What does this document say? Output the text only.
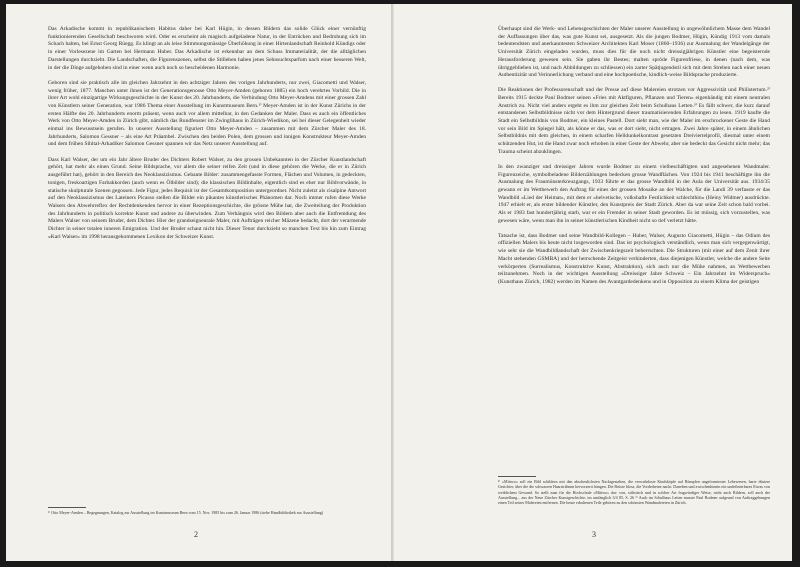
Das Arkadische kommt in republikanischem Habitus daher bei Karl Hügin, in dessen Bildern das solide Glück einer vernünftig funktionierenden Gesellschaft beschworen wird. Oder es erscheint als magisch aufgeladene Natur, in der Entrücken und Bedrohung sich im Schach halten, bei Ernst Georg Rüegg. Es klingt an als leise Stimmungsmässige Überhöhung in einer Hirtenlandschaft Reinhold Kündigs oder in einer Vorlesezene im Garten bei Hermann Huber. Das Arkadische ist erkennbar an dem Schuss Immaterialität, der die alltäglichen Darstellungen durchzieht. Die Landschaften, die Figurenszenen, selbst die Stilleben haben jenes Sehnsuchtsparfum nach einer besseren Welt, in der die Dinge aufgehoben sind in einer wenn auch noch so bescheidenen Harmonie.

Geboren sind sie praktisch alle im gleichen Jahrzehnt in den achtziger Jahren des vorigen Jahrhunderts, nur zwei, Giacometti und Walser, wenig früher, 1877. Manchen unter ihnen ist der Generationsgenosse Otto Meyer-Amden (geboren 1885) ein hoch verehrtes Vorbild. Die in ihrer Art wohl einzigartige Wirkungsgeschichte in der Kunst des 20. Jahrhunderts, die Verbindung Otto Meyer-Amdens mit einer grossen Zahl von Künstlern seiner Generation, war 1986 Thema einer Ausstellung im Kunstmuseum Bern.¹⁾ Meyer-Amden ist in der Kunst Zürichs in der ersten Hälfte des 20. Jahrhunderts enorm präsent, wenn auch vor allem mittelbar, in den Gedanken der Maler. Dass es auch ein öffentliches Werk von Otto Meyer-Amden in Zürich gibt, nämlich das Rundfenster im Zwinglihaus in Zürich-Wiedikon, sei bei dieser Gelegenheit wieder einmal ins Bewusstsein gerufen. In unserer Ausstellung figuriert Otto Meyer-Amden – zusammen mit dem Zürcher Maler des 18. Jahrhunderts, Salomon Gessner – als eine Art Präambel. Zwischen den beiden Polen, dem grossen und innigen Konstrukteur Meyer-Amden und dem frühen Sihltal-Arkadiker Salomon Gessner spannen wir das Netz unserer Ausstellung auf.

Dass Karl Walser, der um ein Jahr ältere Bruder des Dichters Robert Walser, zu den grossen Unbekannten in der Zürcher Kunstlandschaft gehört, hat mehr als einen Grund. Seine Bildsprache, vor allem die seiner reifen Zeit (und in diese gehören die Werke, die er in Zürich ausgeführt hat), gehört in den Bereich des Neoklassizismus. Gebaute Bilder: zusammengefasste Formen, Flächen und Volumen, in gedeckten, tonigen, freskoartigen Farbakkorden (auch wenn es Ölbilder sind); die klassischen Bildinhalte, eigentlich sind es eher nur Bildvorwände, in statische skulpturale Szenen gegossen. Jede Figur, jedes Requisit ist der Gesamtkomposition untergeordnet. Nicht zuletzt als cisalpine Antwort auf den Neoklassizismus des Lateiners Picasso stellen die Bilder ein pikantes künstlerisches Phänomen dar. Noch immer rufen diese Werke Walsers den Abwehrreflex der Rechtdenkenden hervor in einer Rezeptionsgeschichte, die grösste Mühe hat, die Zweiteilung der Produktion des Jahrhunderts in politisch korrekte Kunst und andere zu überwinden. Zum Verhängnis wird den Bildern aber auch die Entfremdung des Malers Walser von seinem Bruder, dem Dichter. Hier der grandseigneurale Maler, mit Aufträgen reicher Mäzene bedacht, dort der verarmende Dichter in seiner totalen inneren Emigration. Und der Bruder schaut nicht hin. Dieser Tenor durchzieht so manchen Text bis hin zum Eintrag «Karl Walser» im 1998 herausgekommenen Lexikon der Schweizer Kunst.

¹⁾ Otto Meyer-Amden – Begegnungen, Katalog zur Ausstellung im Kunstmuseum Bern vom 15. Nov. 1985 bis zum 26. Januar 1986 (siehe Handbibliothek zur Ausstellung)
2

Überhaupt sind die Werk- und Lebensgeschichten der Maler unserer Ausstellung in ungewöhnlichem Masse dem Wandel der Auffassungen über das, was gute Kunst sei, ausgesetzt. Als die jungen Bodmer, Hügin, Kündig 1913 vom damals bedeutendsten und anerkanntesten Schweizer Architekten Karl Moser (1860–1936) zur Ausmalung der Wandelgänge der Universität Zürich eingeladen wurden, muss dies für die noch nicht dreissigjährigen Künstler eine begeisternde Herausforderung gewesen sein. Sie gaben ihr Bestes; malten spröde Figurenfriese, in denen (nach dem, was übriggeblieben ist, und nach Abbildungen zu schliessen) ein zarter Spätjugendstil sich mit dem Streben nach einer neuen Authentizität und Verinnerlichung verband und eine hochpoetische, kindlich-weise Bildsprache produzierte.

Die Reaktionen der Professorenschaft und der Presse auf diese Malereien strotzen vor Aggressivität und Philistertum.²⁾ Bereits 1915 deckte Paul Bodmer seinen «Fries mit Aktfiguren, Pflanzen und Tieren» eigenhändig mit einem neutralen Anstrich zu. Nicht viel anders ergeht es ihm zur gleichen Zeit beim Schulhaus Letten.³⁾ Es fällt schwer, die kurz darauf entstandenen Selbstbildnisse nicht vor dem Hintergrund dieser traumatisierenden Erfahrungen zu lesen. 1919 kaufte die Stadt ein Selbstbildnis von Bodmer, ein kleines Pastell. Dort sieht man, wie der Maler im erschrockener Geste die Hand vor sein Bild im Spiegel hält, als könne er das, was er dort sieht, nicht ertragen. Zwei Jahre später, in einem ähnlichen Selbstbildnis mit dem gleichen, in einem scharfen Helldunkelkontrast gesetzten Dreiviertelprofil, diesmal unter einem schützenden Hut, ist die Hand zwar noch erhoben in einer Geste der Abwehr, aber sie bedeckt das Gesicht nicht mehr; das Trauma scheint abzuklingen.

In den zwanziger und dreissiger Jahren wurde Bodmer zu einem vielbeschäftigten und angesehenen Wandmaler. Figurenzeiche, symbolbeladene Bilderzählungen bedecken grosse Wandflächen. Von 1924 bis 1941 beschäftigte ihn die Ausmalung des Fraumünsterkreuzgangs, 1933 führte er das grosse Wandbild in der Aula der Universität aus. 1934/35 gewann er im Wettbewerb den Auftrag für eines der grossen Mosaike an der Walche, für die Landi 39 verfasste er das Wandbild «Lied der Heimat», mit dem er «helvetische, volkshafte Festlichkeit schlechthin» (Heiny Widmer) ausdrückte. 1947 erhielt er, als erster bildender Künstler, den Kunstpreis der Stadt Zürich. Aber da war seine Zeit schon bald vorbei. Als er 1983 fast hundertjährig starb, war er ein Fremder in seiner Stadt geworden. Es ist müssig, sich vorzustellen, was gewesen wäre, wenn man ihn in seiner künstlerischen Kindheit nicht so tief verletzt hätte.

Tatsache ist, dass Bodmer und seine Wandbild-Kollegen – Huber, Walser, Augusto Giacometti, Hügin – das Odium des offiziellen Malers bis heute nicht losgeworden sind. Das ist psychologisch verständlich, wenn man sich vergegenwärtigt, wie sehr sie die Wandbildlandschaft der Zwischenkriegszeit beherrschten. Die Strukturen (mit einer auf dem Zenit ihrer Macht stehenden GSMBA) und der herrschende Zeitgeist verhinderten, dass diejenigen Künstler, welche die andere Seite verkörperten (Surrealismus, Konstruktive Kunst, Abstraktion), sich auch nur die Mühe nahmen, an Wettbewerben teilzunehmen. Noch in der wichtigen Ausstellung «Dreissiger Jahre Schweiz – Ein Jahrzehnt im Widerspruch» (Kunsthaus Zürich, 1982) werden im Namen des Avantgardedenkens und in Opposition zu einem Klima der geistigen

²⁾ «Mittwo» soll ein Bild schildern mit den abscheulichsten Nacktgestalten, die verwahrloste Kindsköpfe auf Rümpfen ungeformtester Lebewesen, harte düstere Gesichter, über die die schwarzen Haarsträhnen hervorzerrt hängen. Die Brüste blosz, die Vorderbeine nackt. Daneben und zwischenhinein ein undefinierbares Etwas von weiblichem Gewand. So stellt man für die Hochschule «Mittwo» dar: von, stilistisch und in solcher Art fragwürdiger Weise, nicht auch Bildern, soll auch der Ausstellung... aus der Neue Zürcher Kunstgeschichte, im umfänglich 3/4 85, S. 26 ³⁾ Auch im Schulhaus Letten musste Paul Bodmer aufgrund von Auftraggebungen einen Teil seiner Malereien entfernen. Die heute erhaltenen Teile gehören zu den schönsten Wandmalereien in Zürich.
3
